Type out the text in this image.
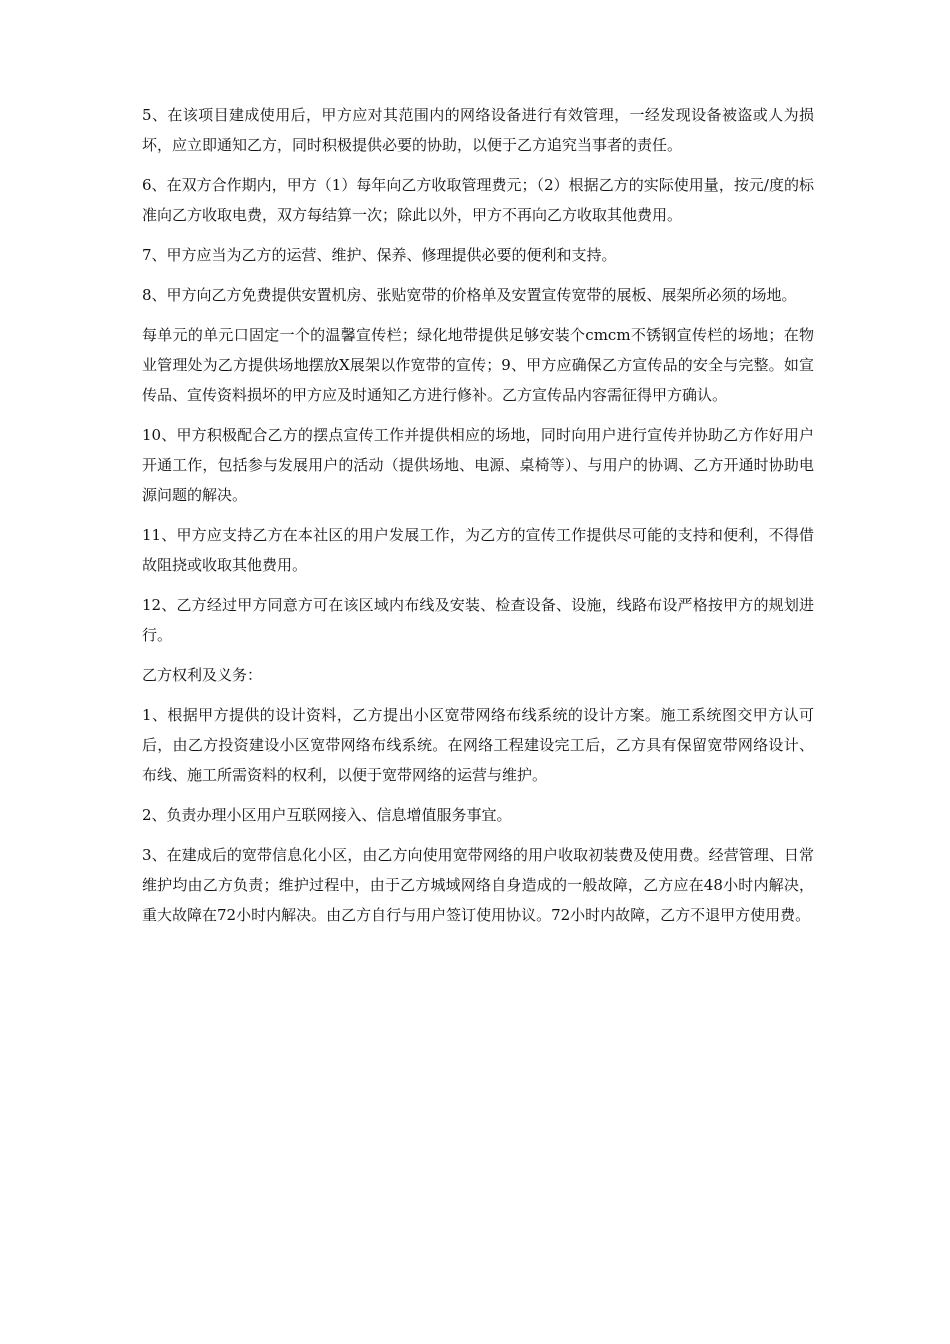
5、在该项目建成使用后，甲方应对其范围内的网络设备进行有效管理，一经发现设备被盗或人为损坏，应立即通知乙方，同时积极提供必要的协助，以便于乙方追究当事者的责任。

6、在双方合作期内，甲方（1）每年向乙方收取管理费元；（2）根据乙方的实际使用量，按元/度的标准向乙方收取电费，双方每结算一次；除此以外，甲方不再向乙方收取其他费用。

7、甲方应当为乙方的运营、维护、保养、修理提供必要的便利和支持。

8、甲方向乙方免费提供安置机房、张贴宽带的价格单及安置宣传宽带的展板、展架所必须的场地。

每单元的单元口固定一个的温馨宣传栏；绿化地带提供足够安装个cmcm不锈钢宣传栏的场地；在物业管理处为乙方提供场地摆放X展架以作宽带的宣传；9、甲方应确保乙方宣传品的安全与完整。如宣传品、宣传资料损坏的甲方应及时通知乙方进行修补。乙方宣传品内容需征得甲方确认。

10、甲方积极配合乙方的摆点宣传工作并提供相应的场地，同时向用户进行宣传并协助乙方作好用户开通工作，包括参与发展用户的活动（提供场地、电源、桌椅等）、与用户的协调、乙方开通时协助电源问题的解决。

11、甲方应支持乙方在本社区的用户发展工作，为乙方的宣传工作提供尽可能的支持和便利，不得借故阻挠或收取其他费用。

12、乙方经过甲方同意方可在该区域内布线及安装、检查设备、设施，线路布设严格按甲方的规划进行。

乙方权利及义务：

1、根据甲方提供的设计资料，乙方提出小区宽带网络布线系统的设计方案。施工系统图交甲方认可后，由乙方投资建设小区宽带网络布线系统。在网络工程建设完工后，乙方具有保留宽带网络设计、布线、施工所需资料的权利，以便于宽带网络的运营与维护。

2、负责办理小区用户互联网接入、信息增值服务事宜。

3、在建成后的宽带信息化小区，由乙方向使用宽带网络的用户收取初装费及使用费。经营管理、日常维护均由乙方负责；维护过程中，由于乙方城域网络自身造成的一般故障，乙方应在48小时内解决，重大故障在72小时内解决。由乙方自行与用户签订使用协议。72小时内故障，乙方不退甲方使用费。
